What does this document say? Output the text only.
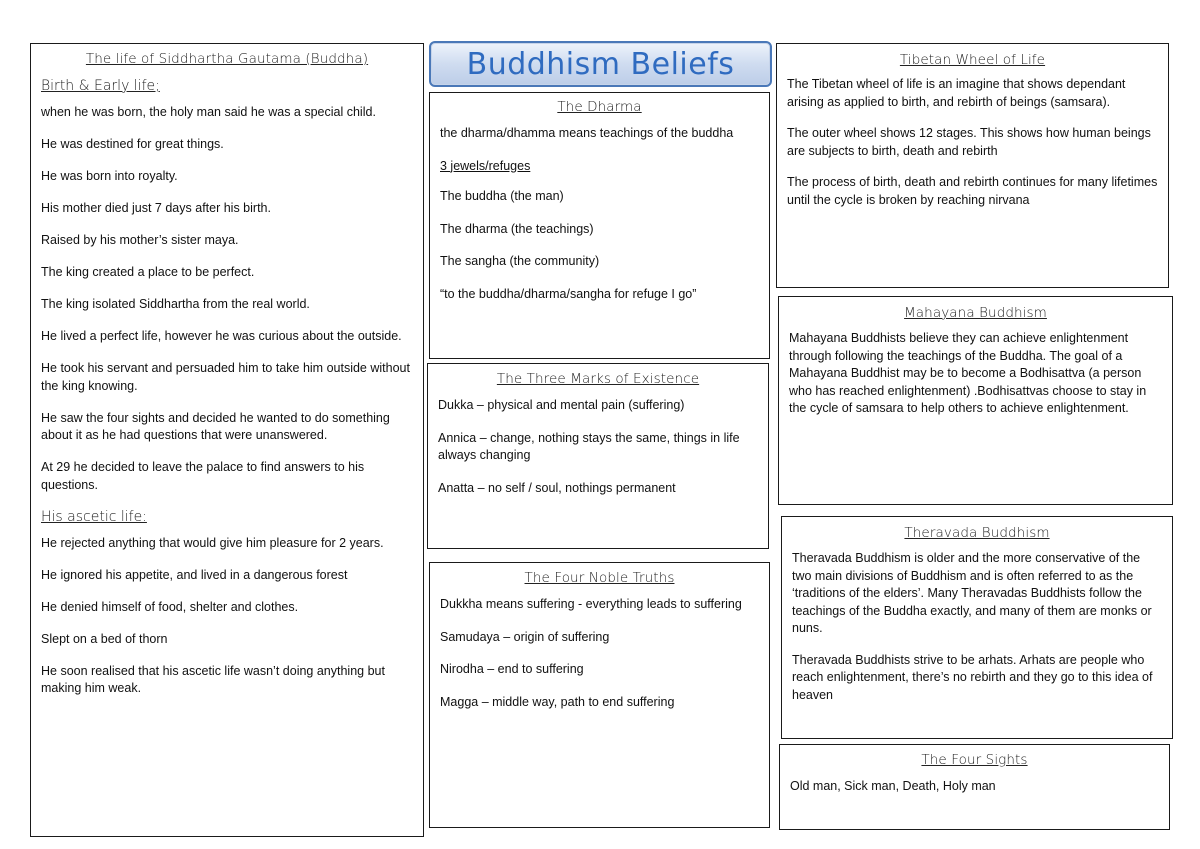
Buddhism Beliefs
The life of Siddhartha Gautama (Buddha)
Birth & Early life;

when he was born, the holy man said he was a special child.

He was destined for great things.

He was born into royalty.

His mother died just 7 days after his birth.

Raised by his mother’s sister maya.

The king created a place to be perfect.

The king isolated Siddhartha from the real world.

He lived a perfect life, however he was curious about the outside.

He took his servant and persuaded him to take him outside without the king knowing.

He saw the four sights and decided he wanted to do something about it as he had questions that were unanswered.

At 29 he decided to leave the palace to find answers to his questions.

His ascetic life:

He rejected anything that would give him pleasure for 2 years.

He ignored his appetite, and lived in a dangerous forest

He denied himself of food, shelter and clothes.

Slept on a bed of thorn

He soon realised that his ascetic life wasn’t doing anything but making him weak.

The Dharma

the dharma/dhamma means teachings of the buddha

3 jewels/refuges

The buddha (the man)

The dharma (the teachings)

The sangha (the community)

“to the buddha/dharma/sangha for refuge I go”

The Three Marks of Existence

Dukka – physical and mental pain (suffering)

Annica – change, nothing stays the same, things in life always changing

Anatta – no self / soul, nothings permanent

The Four Noble Truths

Dukkha means suffering - everything leads to suffering

Samudaya – origin of suffering

Nirodha – end to suffering

Magga – middle way, path to end suffering

Tibetan Wheel of Life

The Tibetan wheel of life is an imagine that shows dependant arising as applied to birth, and rebirth of beings (samsara).

The outer wheel shows 12 stages. This shows how human beings are subjects to birth, death and rebirth

The process of birth, death and rebirth continues for many lifetimes until the cycle is broken by reaching nirvana

Mahayana Buddhism

Mahayana Buddhists believe they can achieve enlightenment through following the teachings of the Buddha. The goal of a Mahayana Buddhist may be to become a Bodhisattva (a person who has reached enlightenment) .Bodhisattvas choose to stay in the cycle of samsara to help others to achieve enlightenment.

Theravada Buddhism

Theravada Buddhism is older and the more conservative of the two main divisions of Buddhism and is often referred to as the ‘traditions of the elders’. Many Theravadas Buddhists follow the teachings of the Buddha exactly, and many of them are monks or nuns.

Theravada Buddhists strive to be arhats. Arhats are people who reach enlightenment, there’s no rebirth and they go to this idea of heaven

The Four Sights

Old man, Sick man, Death, Holy man
